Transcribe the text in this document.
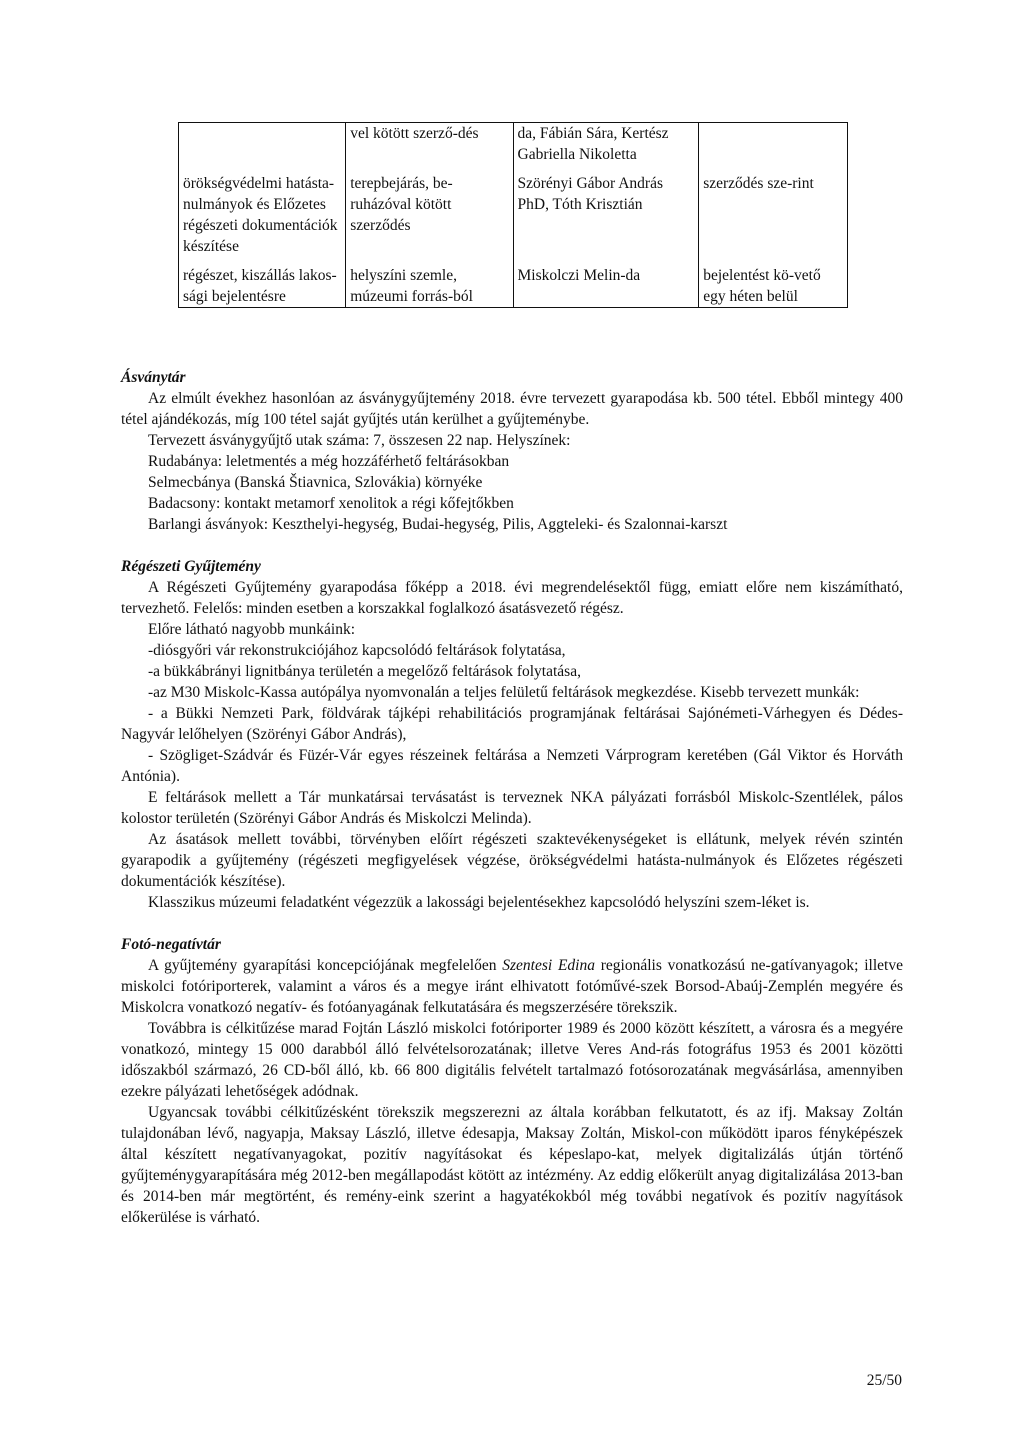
	vel kötött szerző-dés	da, Fábián Sára, Kertész Gabriella Nikoletta	
örökségvédelmi hatásta-nulmányok és Előzetes régészeti dokumentációk készítése	terepbejárás, be-ruházóval kötött szerződés	Szörényi Gábor András PhD, Tóth Krisztián	szerződés sze-rint
régészet, kiszállás lakos-sági bejelentésre	helyszíni szemle, múzeumi forrás-ból	Miskolczi Melin-da	bejelentést kö-vető egy héten belül
Ásványtár

Az elmúlt évekhez hasonlóan az ásványgyűjtemény 2018. évre tervezett gyarapodása kb. 500 tétel. Ebből mintegy 400 tétel ajándékozás, míg 100 tétel saját gyűjtés után kerülhet a gyűjteménybe.

Tervezett ásványgyűjtő utak száma: 7, összesen 22 nap. Helyszínek:

Rudabánya: leletmentés a még hozzáférhető feltárásokban

Selmecbánya (Banská Štiavnica, Szlovákia) környéke

Badacsony: kontakt metamorf xenolitok a régi kőfejtőkben

Barlangi ásványok: Keszthelyi-hegység, Budai-hegység, Pilis, Aggteleki- és Szalonnai-karszt

Régészeti Gyűjtemény

A Régészeti Gyűjtemény gyarapodása főképp a 2018. évi megrendelésektől függ, emiatt előre nem kiszámítható, tervezhető. Felelős: minden esetben a korszakkal foglalkozó ásatásvezető régész.

Előre látható nagyobb munkáink:

-diósgyőri vár rekonstrukciójához kapcsolódó feltárások folytatása,

-a bükkábrányi lignitbánya területén a megelőző feltárások folytatása,

-az M30 Miskolc-Kassa autópálya nyomvonalán a teljes felületű feltárások megkezdése. Kisebb tervezett munkák:

- a Bükki Nemzeti Park, földvárak tájképi rehabilitációs programjának feltárásai Sajónémeti-Várhegyen és Dédes-Nagyvár lelőhelyen (Szörényi Gábor András),

- Szögliget-Szádvár és Füzér-Vár egyes részeinek feltárása a Nemzeti Várprogram keretében (Gál Viktor és Horváth Antónia).

E feltárások mellett a Tár munkatársai tervásatást is terveznek NKA pályázati forrásból Miskolc-Szentlélek, pálos kolostor területén (Szörényi Gábor András és Miskolczi Melinda).

Az ásatások mellett további, törvényben előírt régészeti szaktevékenységeket is ellátunk, melyek révén szintén gyarapodik a gyűjtemény (régészeti megfigyelések végzése, örökségvédelmi hatásta-nulmányok és Előzetes régészeti dokumentációk készítése).

Klasszikus múzeumi feladatként végezzük a lakossági bejelentésekhez kapcsolódó helyszíni szem-léket is.

Fotó-negatívtár

A gyűjtemény gyarapítási koncepciójának megfelelően Szentesi Edina regionális vonatkozású ne-gatívanyagok; illetve miskolci fotóriporterek, valamint a város és a megye iránt elhivatott fotóművé-szek Borsod-Abaúj-Zemplén megyére és Miskolcra vonatkozó negatív- és fotóanyagának felkutatására és megszerzésére törekszik.

Továbbra is célkitűzése marad Fojtán László miskolci fotóriporter 1989 és 2000 között készített, a városra és a megyére vonatkozó, mintegy 15 000 darabból álló felvételsorozatának; illetve Veres And-rás fotográfus 1953 és 2001 közötti időszakból származó, 26 CD-ből álló, kb. 66 800 digitális felvételt tartalmazó fotósorozatának megvásárlása, amennyiben ezekre pályázati lehetőségek adódnak.

Ugyancsak további célkitűzésként törekszik megszerezni az általa korábban felkutatott, és az ifj. Maksay Zoltán tulajdonában lévő, nagyapja, Maksay László, illetve édesapja, Maksay Zoltán, Miskol-con működött iparos fényképészek által készített negatívanyagokat, pozitív nagyításokat és képeslapo-kat, melyek digitalizálás útján történő gyűjteménygyarapítására még 2012-ben megállapodást kötött az intézmény. Az eddig előkerült anyag digitalizálása 2013-ban és 2014-ben már megtörtént, és remény-eink szerint a hagyatékokból még további negatívok és pozitív nagyítások előkerülése is várható.

25/50
